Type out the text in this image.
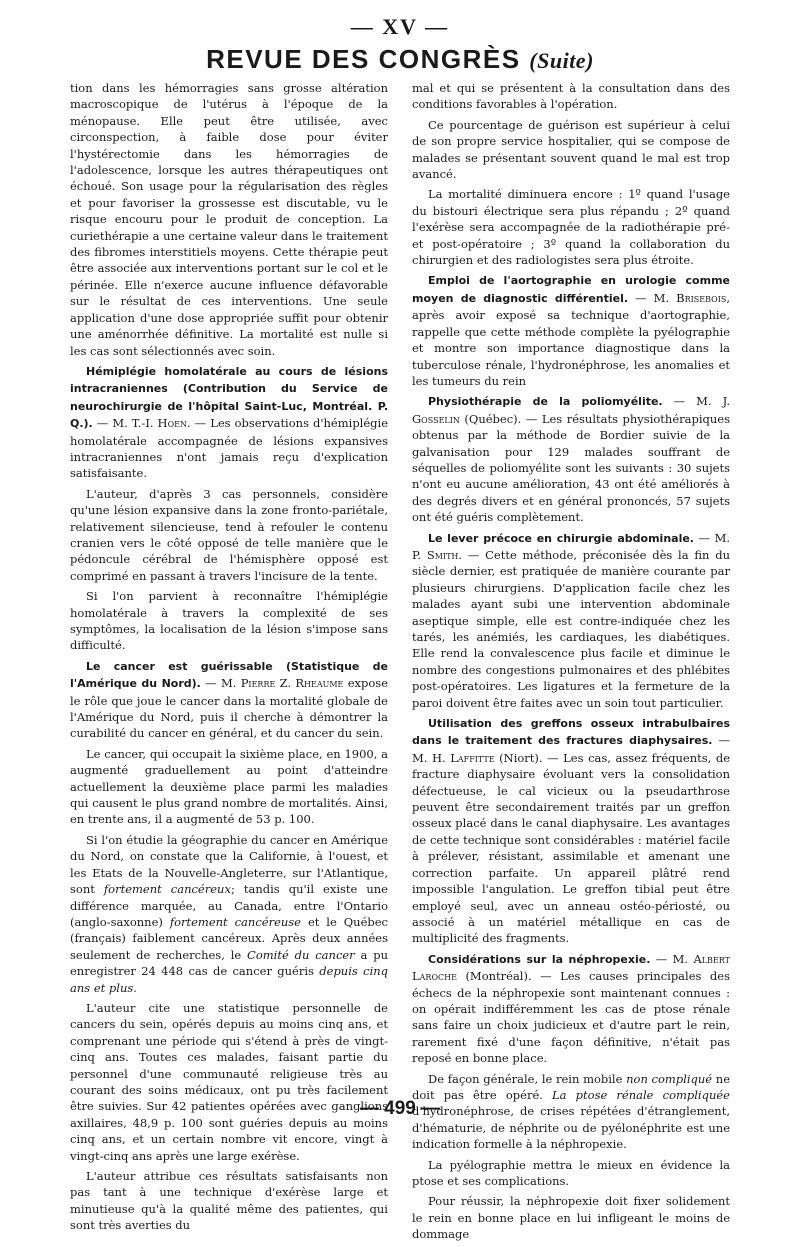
— XV —
REVUE DES CONGRÈS (Suite)

tion dans les hémorragies sans grosse altération macroscopique de l'utérus à l'époque de la ménopause. Elle peut être utilisée, avec circonspection, à faible dose pour éviter l'hystérectomie dans les hémorragies de l'adolescence, lorsque les autres thérapeutiques ont échoué. Son usage pour la régularisation des règles et pour favoriser la grossesse est discutable, vu le risque encouru pour le produit de conception. La curiethérapie a une certaine valeur dans le traitement des fibromes interstitiels moyens. Cette thérapie peut être associée aux interventions portant sur le col et le périnée. Elle n'exerce aucune influence défavorable sur le résultat de ces interventions. Une seule application d'une dose appropriée suffit pour obtenir une aménorrhée définitive. La mortalité est nulle si les cas sont sélectionnés avec soin.

Hémiplégie homolatérale au cours de lésions intracraniennes (Contribution du Service de neurochirurgie de l'hôpital Saint-Luc, Montréal. P. Q.). — M. T.-I. Hoen. — Les observations d'hémiplégie homolatérale accompagnée de lésions expansives intracraniennes n'ont jamais reçu d'explication satisfaisante.

L'auteur, d'après 3 cas personnels, considère qu'une lésion expansive dans la zone fronto-pariétale, relativement silencieuse, tend à refouler le contenu cranien vers le côté opposé de telle manière que le pédoncule cérébral de l'hémisphère opposé est comprimé en passant à travers l'incisure de la tente.

Si l'on parvient à reconnaître l'hémiplégie homolatérale à travers la complexité de ses symptômes, la localisation de la lésion s'impose sans difficulté.

Le cancer est guérissable (Statistique de l'Amérique du Nord). — M. Pierre Z. Rheaume expose le rôle que joue le cancer dans la mortalité globale de l'Amérique du Nord, puis il cherche à démontrer la curabilité du cancer en général, et du cancer du sein.

Le cancer, qui occupait la sixième place, en 1900, a augmenté graduellement au point d'atteindre actuellement la deuxième place parmi les maladies qui causent le plus grand nombre de mortalités. Ainsi, en trente ans, il a augmenté de 53 p. 100.

Si l'on étudie la géographie du cancer en Amérique du Nord, on constate que la Californie, à l'ouest, et les Etats de la Nouvelle-Angleterre, sur l'Atlantique, sont fortement cancéreux; tandis qu'il existe une différence marquée, au Canada, entre l'Ontario (anglo-saxonne) fortement cancéreuse et le Québec (français) faiblement cancéreux. Après deux années seulement de recherches, le Comité du cancer a pu enregistrer 24 448 cas de cancer guéris depuis cinq ans et plus.

L'auteur cite une statistique personnelle de cancers du sein, opérés depuis au moins cinq ans, et comprenant une période qui s'étend à près de vingt-cinq ans. Toutes ces malades, faisant partie du personnel d'une communauté religieuse très au courant des soins médicaux, ont pu très facilement être suivies. Sur 42 patientes opérées avec ganglions axillaires, 48,9 p. 100 sont guéries depuis au moins cinq ans, et un certain nombre vit encore, vingt à vingt-cinq ans après une large exérèse.

L'auteur attribue ces résultats satisfaisants non pas tant à une technique d'exérèse large et minutieuse qu'à la qualité même des patientes, qui sont très averties du

mal et qui se présentent à la consultation dans des conditions favorables à l'opération.

Ce pourcentage de guérison est supérieur à celui de son propre service hospitalier, qui se compose de malades se présentant souvent quand le mal est trop avancé.

La mortalité diminuera encore : 1º quand l'usage du bistouri électrique sera plus répandu ; 2º quand l'exérèse sera accompagnée de la radiothérapie pré- et post-opératoire ; 3º quand la collaboration du chirurgien et des radiologistes sera plus étroite.

Emploi de l'aortographie en urologie comme moyen de diagnostic différentiel. — M. Brisebois, après avoir exposé sa technique d'aortographie, rappelle que cette méthode complète la pyélographie et montre son importance diagnostique dans la tuberculose rénale, l'hydronéphrose, les anomalies et les tumeurs du rein

Physiothérapie de la poliomyélite. — M. J. Gosselin (Québec). — Les résultats physiothérapiques obtenus par la méthode de Bordier suivie de la galvanisation pour 129 malades souffrant de séquelles de poliomyélite sont les suivants : 30 sujets n'ont eu aucune amélioration, 43 ont été améliorés à des degrés divers et en général prononcés, 57 sujets ont été guéris complètement.

Le lever précoce en chirurgie abdominale. — M. P. Smith. — Cette méthode, préconisée dès la fin du siècle dernier, est pratiquée de manière courante par plusieurs chirurgiens. D'application facile chez les malades ayant subi une intervention abdominale aseptique simple, elle est contre-indiquée chez les tarés, les anémiés, les cardiaques, les diabétiques. Elle rend la convalescence plus facile et diminue le nombre des congestions pulmonaires et des phlébites post-opératoires. Les ligatures et la fermeture de la paroi doivent être faites avec un soin tout particulier.

Utilisation des greffons osseux intrabulbaires dans le traitement des fractures diaphysaires. — M. H. Laffitte (Niort). — Les cas, assez fréquents, de fracture diaphysaire évoluant vers la consolidation défectueuse, le cal vicieux ou la pseudarthrose peuvent être secondairement traités par un greffon osseux placé dans le canal diaphysaire. Les avantages de cette technique sont considérables : matériel facile à prélever, résistant, assimilable et amenant une correction parfaite. Un appareil plâtré rend impossible l'angulation. Le greffon tibial peut être employé seul, avec un anneau ostéo-périosté, ou associé à un matériel métallique en cas de multiplicité des fragments.

Considérations sur la néphropexie. — M. Albert Laroche (Montréal). — Les causes principales des échecs de la néphropexie sont maintenant connues : on opérait indifféremment les cas de ptose rénale sans faire un choix judicieux et d'autre part le rein, rarement fixé d'une façon définitive, n'était pas reposé en bonne place.

De façon générale, le rein mobile non compliqué ne doit pas être opéré. La ptose rénale compliquée d'hydronéphrose, de crises répétées d'étranglement, d'hématurie, de néphrite ou de pyélonéphrite est une indication formelle à la néphropexie.

La pyélographie mettra le mieux en évidence la ptose et ses complications.

Pour réussir, la néphropexie doit fixer solidement le rein en bonne place en lui infligeant le moins de dommage

— 499 —
